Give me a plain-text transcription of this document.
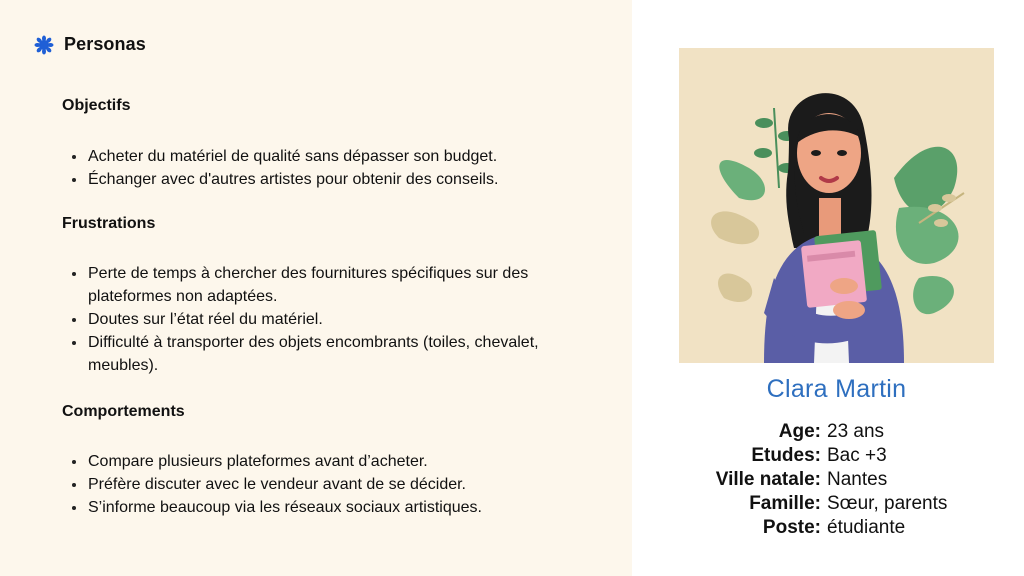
Personas
Objectifs
Acheter du matériel de qualité sans dépasser son budget.
Échanger avec d'autres artistes pour obtenir des conseils.
Frustrations
Perte de temps à chercher des fournitures spécifiques sur des plateformes non adaptées.
Doutes sur l’état réel du matériel.
Difficulté à transporter des objets encombrants (toiles, chevalet, meubles).
Comportements
Compare plusieurs plateformes avant d’acheter.
Préfère discuter avec le vendeur avant de se décider.
S’informe beaucoup via les réseaux sociaux artistiques.
Clara Martin
Age: 23 ans
Etudes: Bac +3
Ville natale: Nantes
Famille: Sœur, parents
Poste: étudiante
